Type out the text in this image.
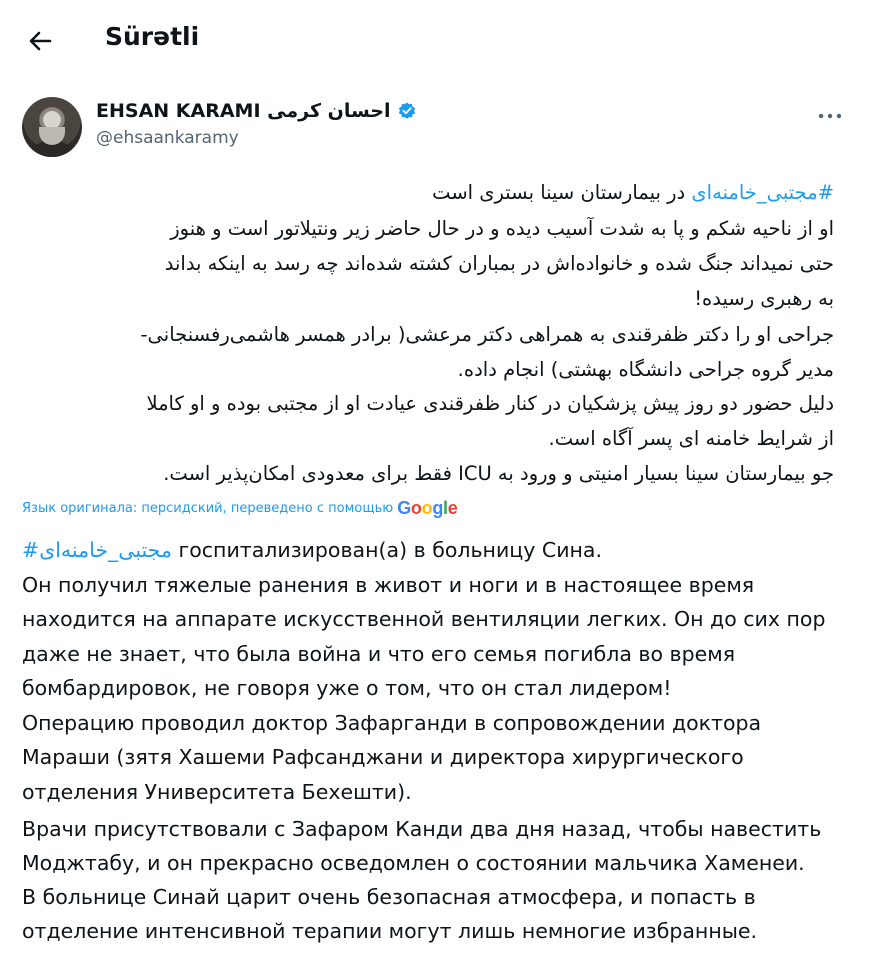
Sürətli
EHSAN KARAMI احسان کرمی
@ehsaankaramy
#مجتبی_خامنه‌ای در بیمارستان سینا بستری است
او از ناحیه شکم و پا به شدت آسیب دیده و در حال حاضر زیر ونتیلاتور است و هنوز
حتی نمیداند جنگ شده و خانواده‌اش در بمباران کشته شده‌اند چه رسد به اینکه بداند
به رهبری رسیده!
جراحی او را دکتر ظفرقندی به همراهی دکتر مرعشی( برادر همسر هاشمی‌رفسنجانی-
مدیر گروه جراحی دانشگاه بهشتی) انجام داده.
دلیل حضور دو روز پیش پزشکیان در کنار ظفرقندی عیادت او از مجتبی بوده و او کاملا
از شرایط خامنه ای پسر آگاه است.
جو بیمارستان سینا بسیار امنیتی و ورود به ICU فقط برای معدودی امکان‌پذیر است.
Язык оригинала: персидский, переведено с помощью Google
#مجتبی_خامنه‌ای госпитализирован(а) в больницу Сина.
Он получил тяжелые ранения в живот и ноги и в настоящее время
находится на аппарате искусственной вентиляции легких. Он до сих пор
даже не знает, что была война и что его семья погибла во время
бомбардировок, не говоря уже о том, что он стал лидером!
Операцию проводил доктор Зафарганди в сопровождении доктора
Мараши (зятя Хашеми Рафсанджани и директора хирургического
отделения Университета Бехешти).
Врачи присутствовали с Зафаром Канди два дня назад, чтобы навестить
Моджтабу, и он прекрасно осведомлен о состоянии мальчика Хаменеи.
В больнице Синай царит очень безопасная атмосфера, и попасть в
отделение интенсивной терапии могут лишь немногие избранные.
